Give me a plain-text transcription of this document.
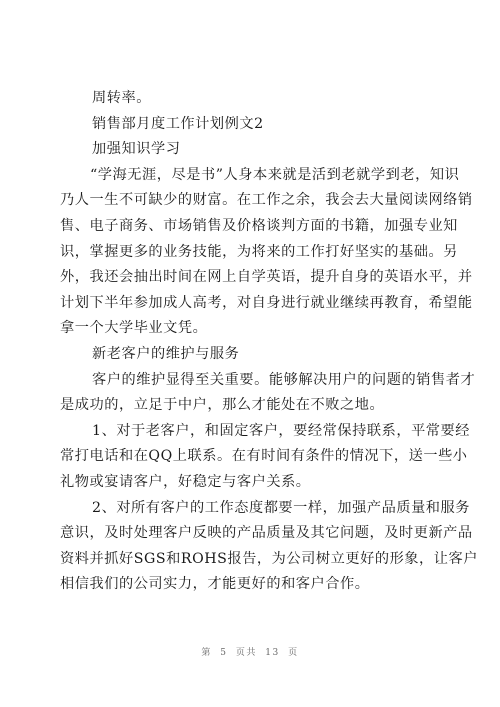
周转率。
销售部月度工作计划例文2
加强知识学习
“学海无涯，尽是书”人身本来就是活到老就学到老，知识
乃人一生不可缺少的财富。在工作之余，我会去大量阅读网络销
售、电子商务、市场销售及价格谈判方面的书籍，加强专业知
识，掌握更多的业务技能，为将来的工作打好坚实的基础。另
外，我还会抽出时间在网上自学英语，提升自身的英语水平，并
计划下半年参加成人高考，对自身进行就业继续再教育，希望能
拿一个大学毕业文凭。
新老客户的维护与服务
客户的维护显得至关重要。能够解决用户的问题的销售者才
是成功的，立足于中户，那么才能处在不败之地。
1、对于老客户，和固定客户，要经常保持联系，平常要经
常打电话和在QQ上联系。在有时间有条件的情况下，送一些小
礼物或宴请客户，好稳定与客户关系。
2、对所有客户的工作态度都要一样，加强产品质量和服务
意识，及时处理客户反映的产品质量及其它问题，及时更新产品
资料并抓好SGS和ROHS报告，为公司树立更好的形象，让客户
相信我们的公司实力，才能更好的和客户合作。
第 5 页共 13 页
